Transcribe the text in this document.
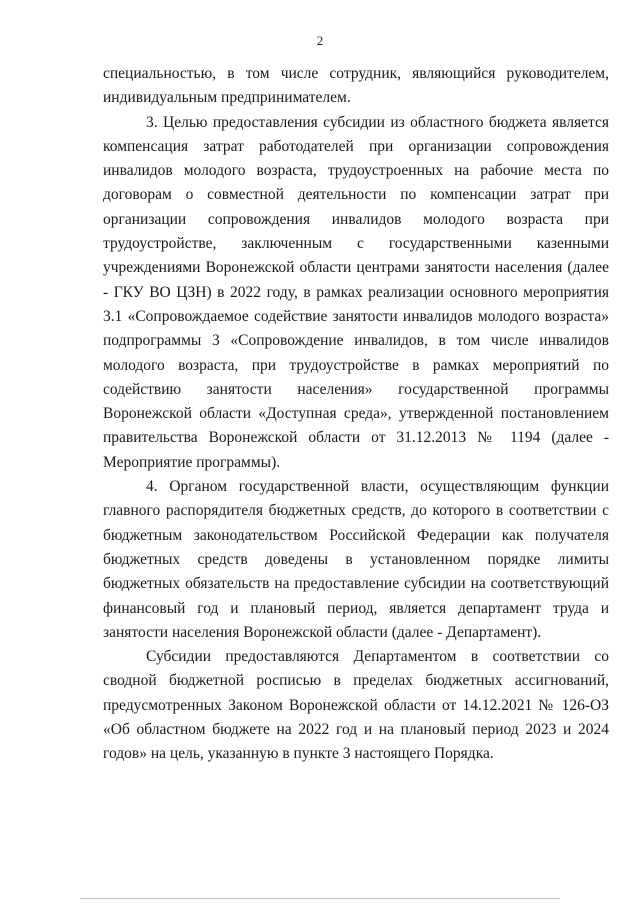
2

специальностью, в том числе сотрудник, являющийся руководителем, индивидуальным предпринимателем.

3. Целью предоставления субсидии из областного бюджета является компенсация затрат работодателей при организации сопровождения инвалидов молодого возраста, трудоустроенных на рабочие места по договорам о совместной деятельности по компенсации затрат при организации сопровождения инвалидов молодого возраста при трудоустройстве, заключенным с государственными казенными учреждениями Воронежской области центрами занятости населения (далее - ГКУ ВО ЦЗН) в 2022 году, в рамках реализации основного мероприятия 3.1 «Сопровождаемое содействие занятости инвалидов молодого возраста» подпрограммы 3 «Сопровождение инвалидов, в том числе инвалидов молодого возраста, при трудоустройстве в рамках мероприятий по содействию занятости населения» государственной программы Воронежской области «Доступная среда», утвержденной постановлением правительства Воронежской области от 31.12.2013 № 1194 (далее - Мероприятие программы).

4. Органом государственной власти, осуществляющим функции главного распорядителя бюджетных средств, до которого в соответствии с бюджетным законодательством Российской Федерации как получателя бюджетных средств доведены в установленном порядке лимиты бюджетных обязательств на предоставление субсидии на соответствующий финансовый год и плановый период, является департамент труда и занятости населения Воронежской области (далее - Департамент).

Субсидии предоставляются Департаментом в соответствии со сводной бюджетной росписью в пределах бюджетных ассигнований, предусмотренных Законом Воронежской области от 14.12.2021 № 126-ОЗ «Об областном бюджете на 2022 год и на плановый период 2023 и 2024 годов» на цель, указанную в пункте 3 настоящего Порядка.
